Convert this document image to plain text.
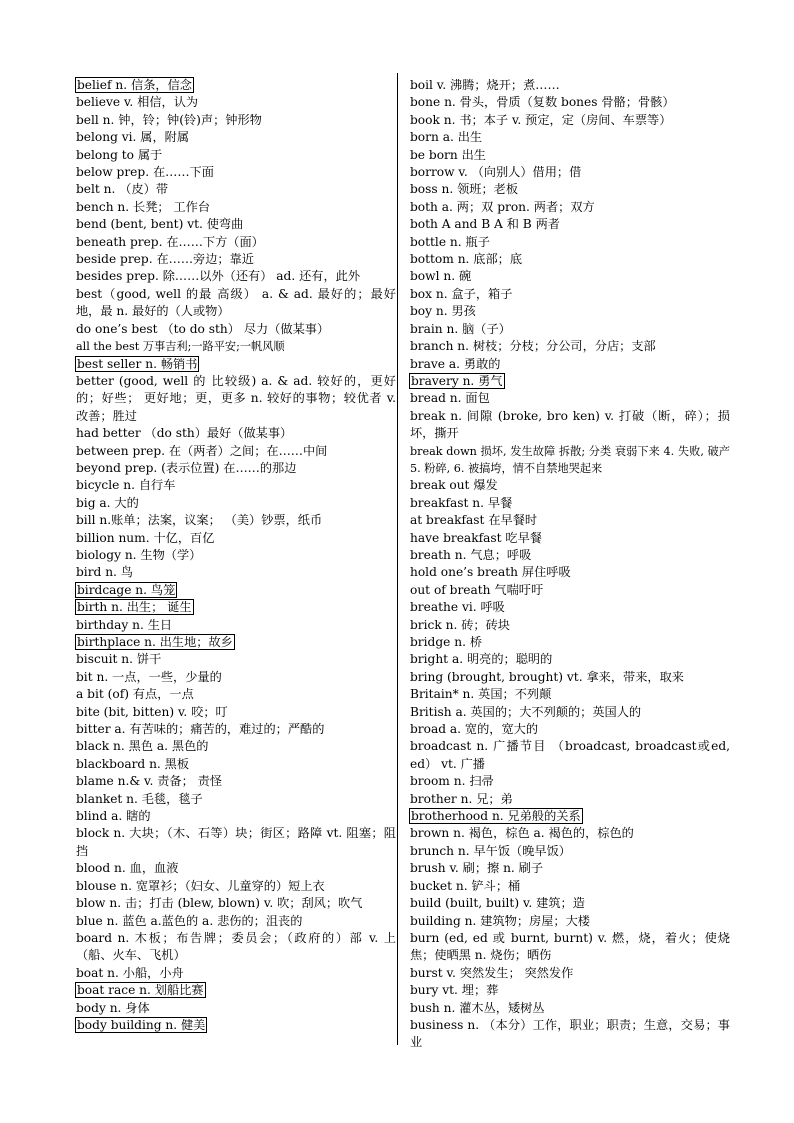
belief n. 信条，信念

believe v. 相信，认为

bell n. 钟，铃；钟(铃)声；钟形物

belong vi. 属，附属

belong to 属于

below prep. 在……下面

belt n. （皮）带

bench n. 长凳； 工作台

bend (bent, bent) vt. 使弯曲

beneath prep. 在……下方（面）

beside prep. 在……旁边；靠近

besides prep. 除……以外（还有） ad. 还有，此外

best（good, well 的最 高级） a. & ad. 最好的；最好地，最 n. 最好的（人或物）

do one’s best （to do sth） 尽力（做某事）

all the best 万事吉利;一路平安;一帆风顺

best seller n. 畅销书

better (good, well 的 比较级) a. & ad. 较好的，更好的；好些； 更好地；更，更多 n. 较好的事物；较优者 v. 改善；胜过

had better （do sth）最好（做某事）

between prep. 在（两者）之间；在……中间

beyond prep. (表示位置) 在……的那边

bicycle n. 自行车

big a. 大的

bill n.账单；法案，议案； （美）钞票，纸币

billion num. 十亿，百亿

biology n. 生物（学）

bird n. 鸟

birdcage n. 鸟笼

birth n. 出生； 诞生

birthday n. 生日

birthplace n. 出生地；故乡

biscuit n. 饼干

bit n. 一点，一些，少量的

a bit (of) 有点，一点

bite (bit, bitten) v. 咬；叮

bitter a. 有苦味的；痛苦的，难过的；严酷的

black n. 黑色 a. 黑色的

blackboard n. 黑板

blame n.& v. 责备； 责怪

blanket n. 毛毯，毯子

blind a. 瞎的

block n. 大块；（木、石等）块；街区；路障 vt. 阻塞；阻挡

blood n. 血，血液

blouse n. 宽罩衫；（妇女、儿童穿的）短上衣

blow n. 击；打击 (blew, blown) v. 吹；刮风；吹气

blue n. 蓝色 a.蓝色的 a. 悲伤的；沮丧的

board n. 木板；布告牌；委员会；（政府的）部 v. 上（船、火车、飞机）

boat n. 小船，小舟

boat race n. 划船比赛

body n. 身体

body building n. 健美

boil v. 沸腾；烧开；煮……

bone n. 骨头，骨质（复数 bones 骨骼；骨骸）

book n. 书；本子 v. 预定，定（房间、车票等）

born a. 出生

be born 出生

borrow v. （向别人）借用；借

boss n. 领班；老板

both a. 两；双 pron. 两者；双方

both A and B A 和 B 两者

bottle n. 瓶子

bottom n. 底部；底

bowl n. 碗

box n. 盒子，箱子

boy n. 男孩

brain n. 脑（子）

branch n. 树枝；分枝；分公司，分店；支部

brave a. 勇敢的

bravery n. 勇气

bread n. 面包

break n. 间隙 (broke, bro ken) v. 打破（断，碎）；损坏，撕开

break down 损坏, 发生故障 拆散; 分类 衰弱下来 4. 失败, 破产 5. 粉碎, 6. 被搞垮，情不自禁地哭起来

break out 爆发

breakfast n. 早餐

at breakfast 在早餐时

have breakfast 吃早餐

breath n. 气息；呼吸

hold one’s breath 屏住呼吸

out of breath 气喘吁吁

breathe vi. 呼吸

brick n. 砖；砖块

bridge n. 桥

bright a. 明亮的；聪明的

bring (brought, brought) vt. 拿来，带来，取来

Britain* n. 英国；不列颠

British a. 英国的；大不列颠的；英国人的

broad a. 宽的，宽大的

broadcast n. 广播节目 （broadcast, broadcast或ed, ed） vt. 广播

broom n. 扫帚

brother n. 兄；弟

brotherhood n. 兄弟般的关系

brown n. 褐色，棕色 a. 褐色的，棕色的

brunch n. 早午饭（晚早饭）

brush v. 刷；擦 n. 刷子

bucket n. 铲斗；桶

build (built, built) v. 建筑；造

building n. 建筑物；房屋；大楼

burn (ed, ed 或 burnt, burnt) v. 燃，烧，着火；使烧焦；使晒黑 n. 烧伤；晒伤

burst v. 突然发生； 突然发作

bury vt. 埋；葬

bush n. 灌木丛，矮树丛

business n. （本分）工作，职业；职责；生意，交易；事业
